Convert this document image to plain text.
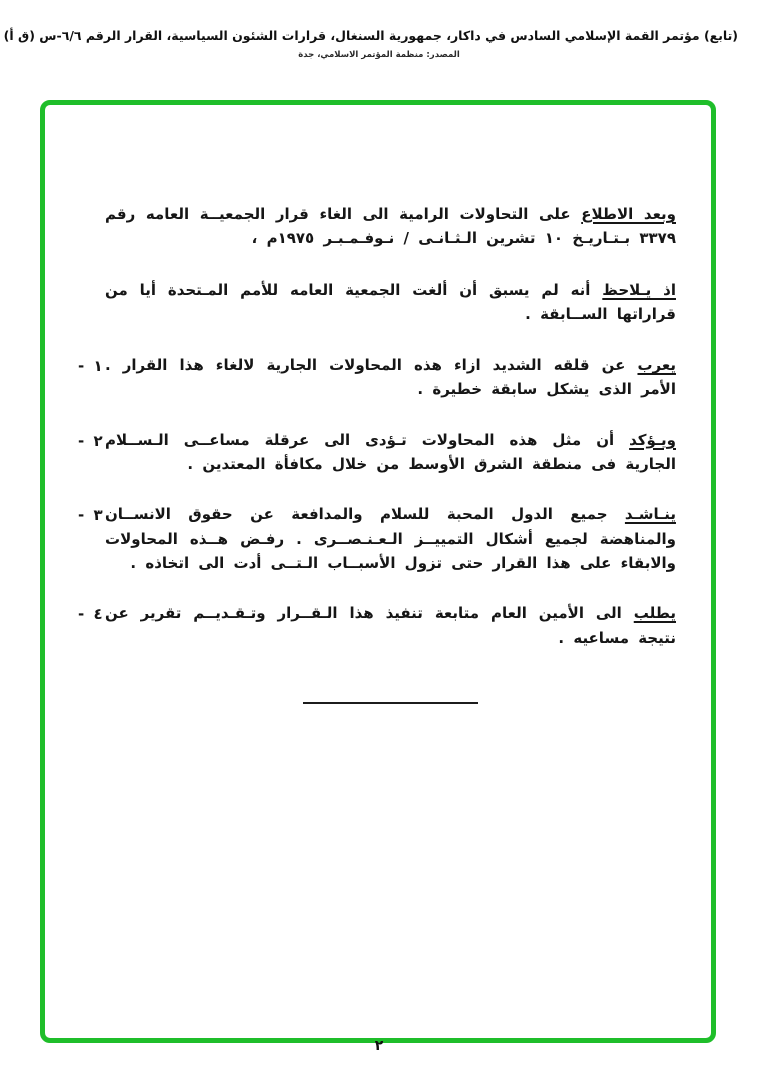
(تابع) مؤتمر القمة الإسلامي السادس في داكار، جمهورية السنغال، قرارات الشئون السياسية، القرار الرقم ٦/٦-س (ق أ)
المصدر: منظمة المؤتمر الاسلامي، جدة
وبعد الاطلاع على التحاولات الرامية الى الغاء قرار الجمعيــة العامه رقم ٣٣٧٩ بـتـاريـخ ١٠ تشرين الـثـانـى / نـوفـمـبـر ١٩٧٥م ،
اذ يـلاحظ أنه لم يسبق أن ألغت الجمعية العامه للأمم المـتحدة أيا من قراراتها الســابقة .
- ١	يعرب عن قلقه الشديد ازاء هذه المحاولات الجارية لالغاء هذا القرار . الأمر الذى يشكل سابقة خطيرة .
- ٢	ويـؤكد أن مثل هذه المحاولات تـؤدى الى عرقلة مساعــى الـســلام الجارية فى منطقة الشرق الأوسط من خلال مكافأة المعتدين .
- ٣	ينـاشـد جميع الدول المحبة للسلام والمدافعة عن حقوق الانســان والمناهضة لجميع أشكال التمييــز الـعـنـصــرى . رفـض هــذه المحاولات والابقاء على هذا القرار حتى تزول الأسبــاب الـتــى أدت الى اتخاذه .
- ٤	يطلب الى الأمين العام متابعة تنفيذ هذا الـقــرار وتـقـديــم تقرير عن نتيجة مساعيه .
٢
